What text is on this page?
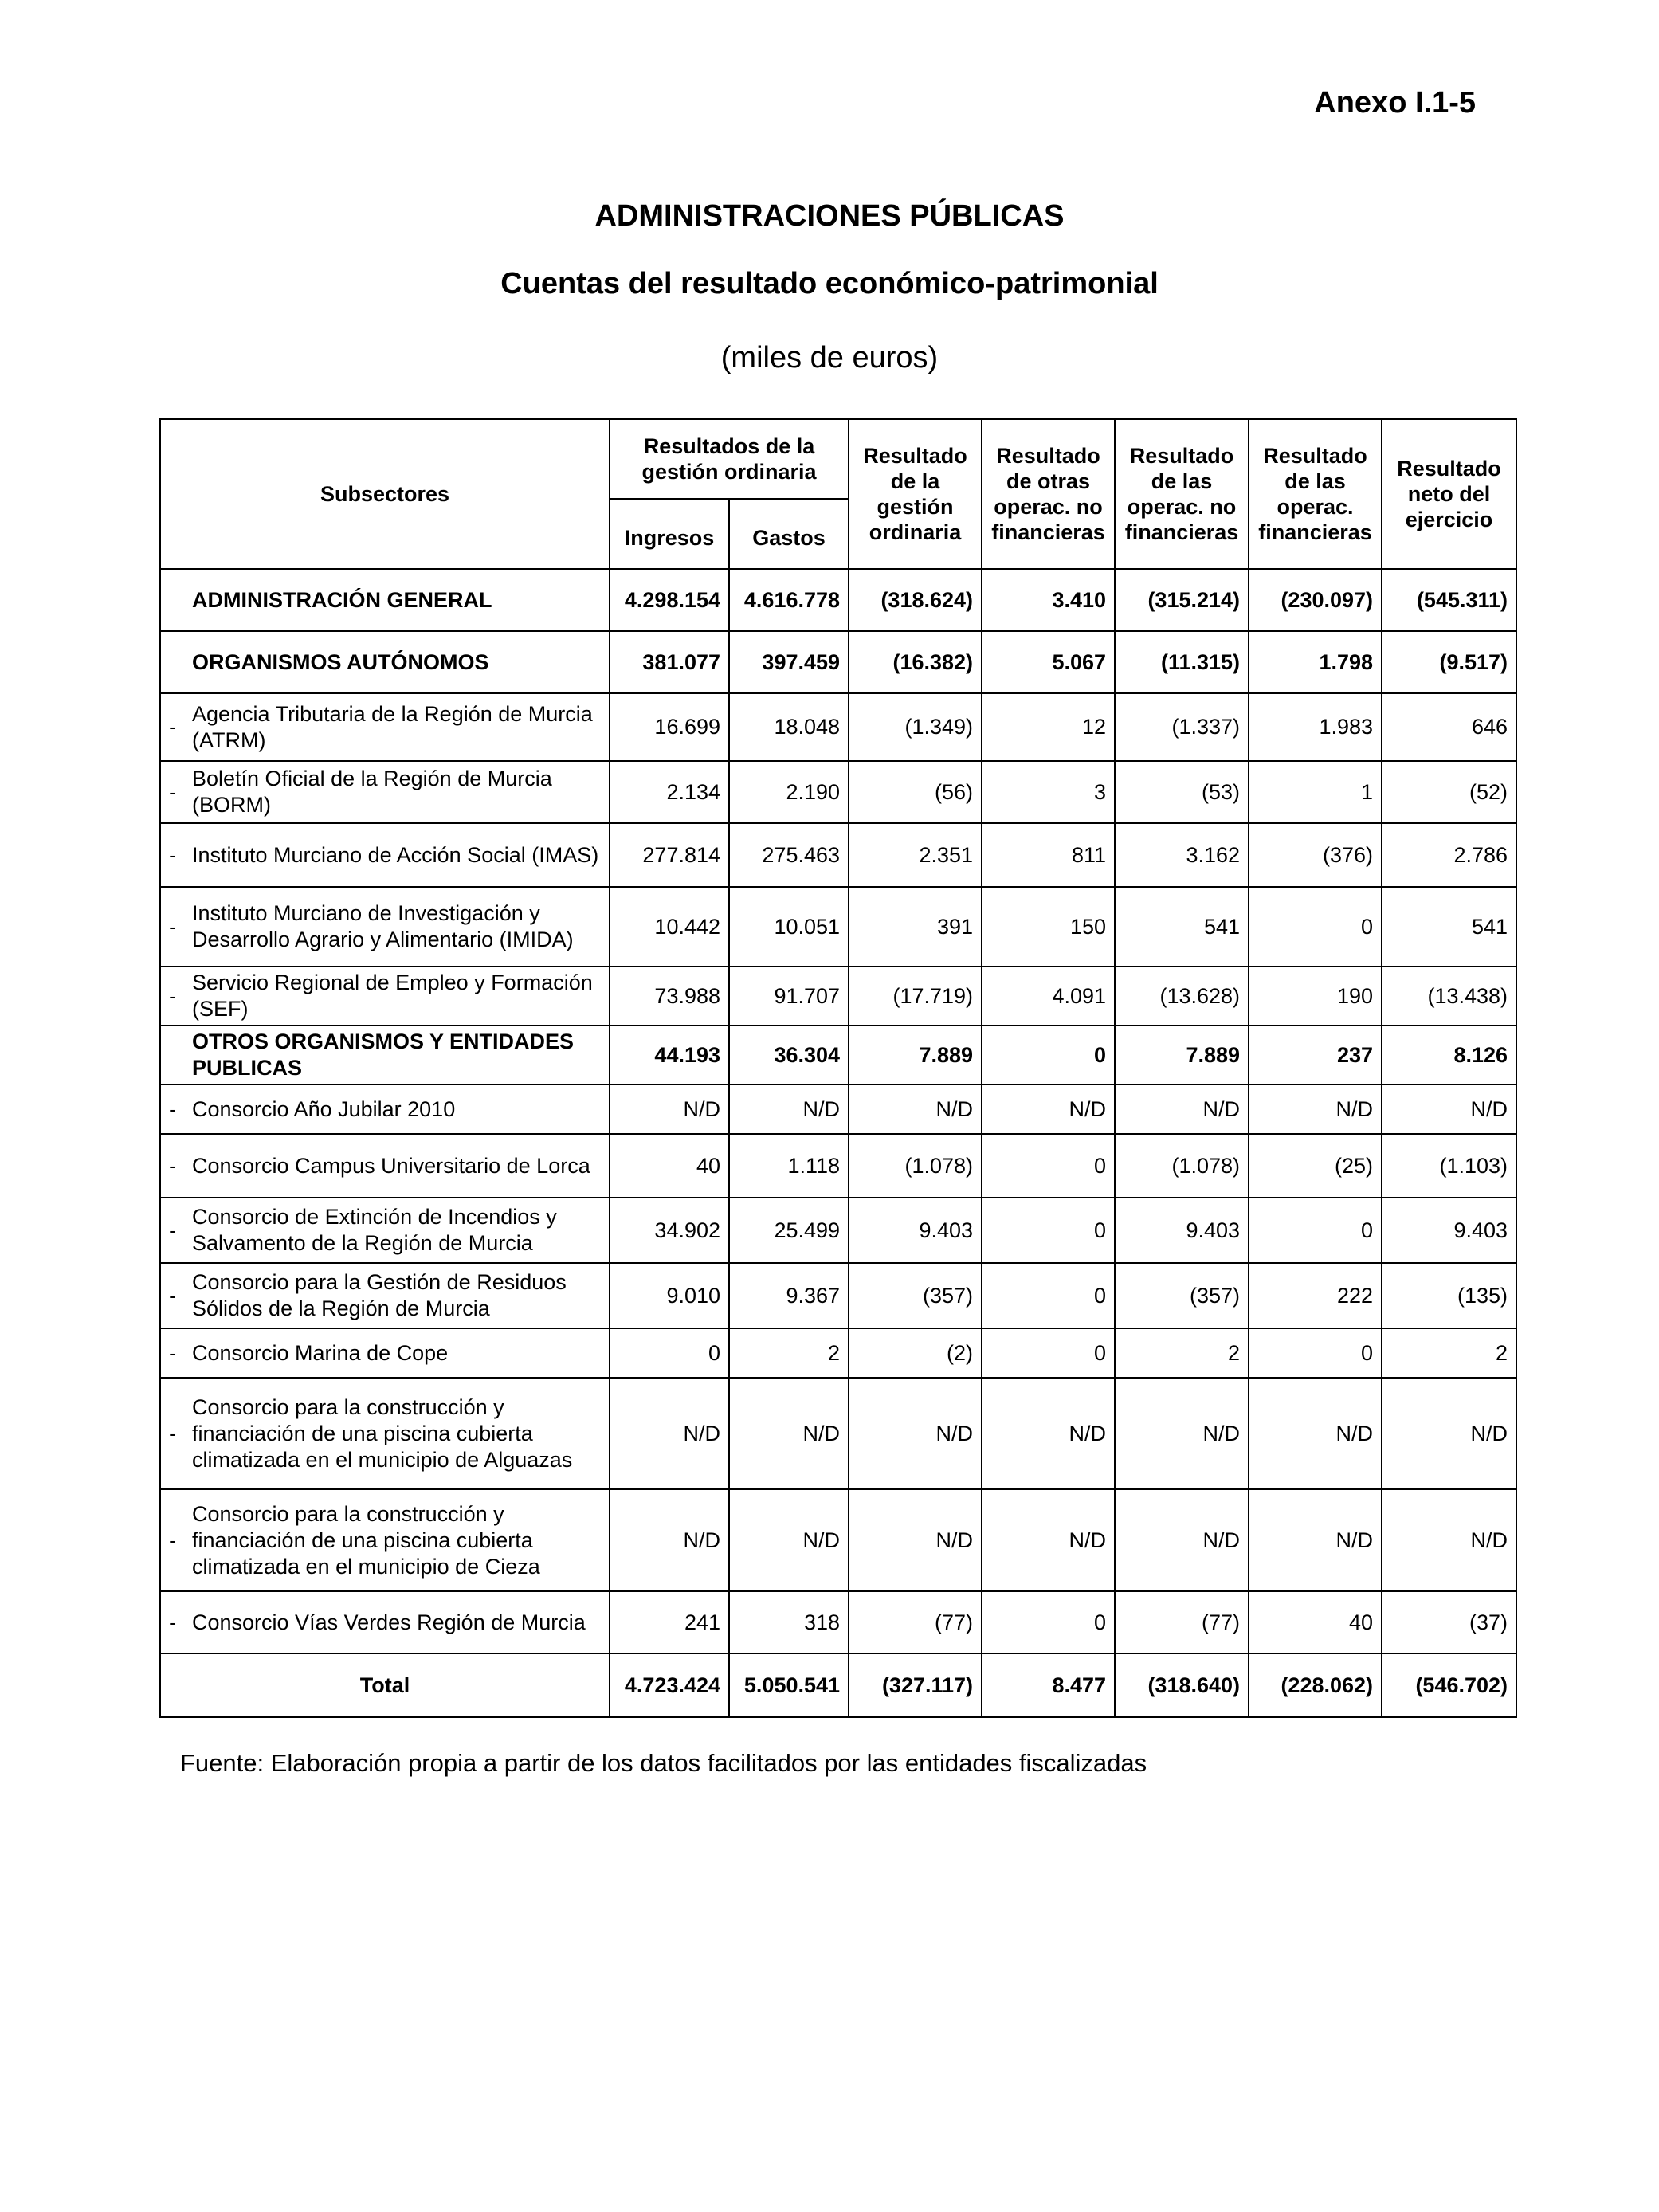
Anexo I.1-5
ADMINISTRACIONES PÚBLICAS
Cuentas del resultado económico-patrimonial
(miles de euros)
Subsectores		Resultados de la gestión ordinaria		Resultado de la gestión ordinaria	Resultado de otras operac. no financieras	Resultado de las operac. no financieras	Resultado de las operac. financieras	Resultado neto del ejercicio
		Ingresos	Gastos					
	ADMINISTRACIÓN GENERAL	4.298.154	4.616.778	(318.624)	3.410	(315.214)	(230.097)	(545.311)
	ORGANISMOS AUTÓNOMOS	381.077	397.459	(16.382)	5.067	(11.315)	1.798	(9.517)
-	Agencia Tributaria de la Región de Murcia (ATRM)	16.699	18.048	(1.349)	12	(1.337)	1.983	646
-	Boletín Oficial de la Región de Murcia (BORM)	2.134	2.190	(56)	3	(53)	1	(52)
-	Instituto Murciano de Acción Social (IMAS)	277.814	275.463	2.351	811	3.162	(376)	2.786
-	Instituto Murciano de Investigación y Desarrollo Agrario y Alimentario (IMIDA)	10.442	10.051	391	150	541	0	541
-	Servicio Regional de Empleo y Formación (SEF)	73.988	91.707	(17.719)	4.091	(13.628)	190	(13.438)
	OTROS ORGANISMOS Y ENTIDADES PUBLICAS	44.193	36.304	7.889	0	7.889	237	8.126
-	Consorcio Año Jubilar 2010	N/D	N/D	N/D	N/D	N/D	N/D	N/D
-	Consorcio Campus Universitario de Lorca	40	1.118	(1.078)	0	(1.078)	(25)	(1.103)
-	Consorcio de Extinción de Incendios y Salvamento de la Región de Murcia	34.902	25.499	9.403	0	9.403	0	9.403
-	Consorcio para la Gestión de Residuos Sólidos de la Región de Murcia	9.010	9.367	(357)	0	(357)	222	(135)
-	Consorcio Marina de Cope	0	2	(2)	0	2	0	2
-	Consorcio para la construcción y financiación de una piscina cubierta climatizada en el municipio de Alguazas	N/D	N/D	N/D	N/D	N/D	N/D	N/D
-	Consorcio para la construcción y financiación de una piscina cubierta climatizada en el municipio de Cieza	N/D	N/D	N/D	N/D	N/D	N/D	N/D
-	Consorcio Vías Verdes Región de Murcia	241	318	(77)	0	(77)	40	(37)
Total		4.723.424	5.050.541	(327.117)	8.477	(318.640)	(228.062)	(546.702)
Fuente: Elaboración propia a partir de los datos facilitados por las entidades fiscalizadas
